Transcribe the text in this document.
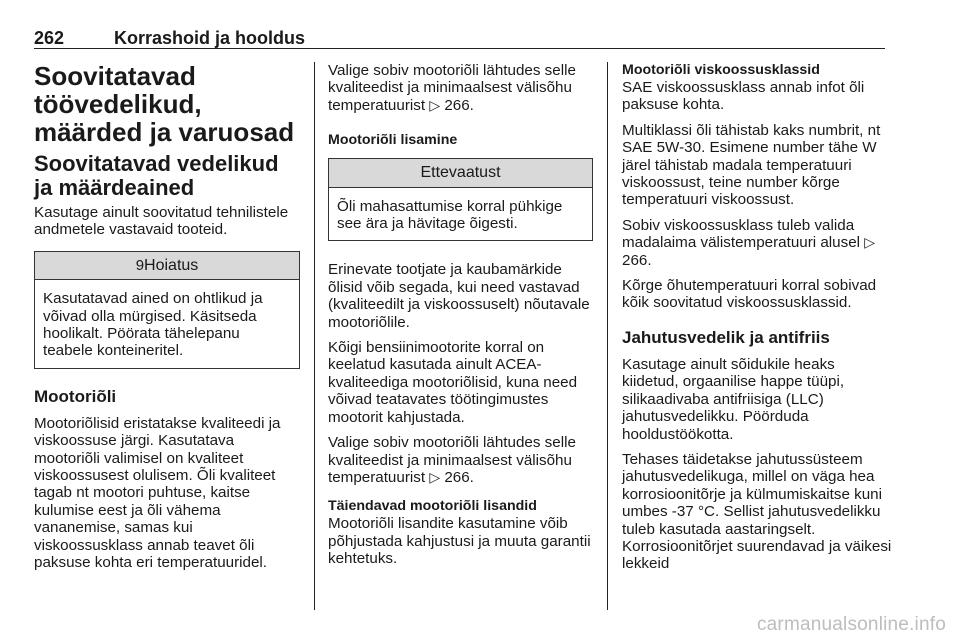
262	Korrashoid ja hooldus
Soovitatavad töövedelikud, määrded ja varuosad
Soovitatavad vedelikud ja määrdeained

Kasutage ainult soovitatud tehnilistele andmetele vastavaid tooteid.

9Hoiatus
Kasutatavad ained on ohtlikud ja võivad olla mürgised. Käsitseda hoolikalt. Pöörata tähelepanu teabele konteineritel.
Mootoriõli

Mootoriõlisid eristatakse kvaliteedi ja viskoossuse järgi. Kasutatava mootoriõli valimisel on kvaliteet viskoossusest olulisem. Õli kvaliteet tagab nt mootori puhtuse, kaitse kulumise eest ja õli vähema vananemise, samas kui viskoossusklass annab teavet õli paksuse kohta eri temperatuuridel.

Valige sobiv mootoriõli lähtudes selle kvaliteedist ja minimaalsest välisõhu temperatuurist ▷ 266.

Mootoriõli lisamine
Ettevaatust
Õli mahasattumise korral pühkige see ära ja hävitage õigesti.

Erinevate tootjate ja kaubamärkide õlisid võib segada, kui need vastavad (kvaliteedilt ja viskoossuselt) nõutavale mootoriõlile.

Kõigi bensiinimootorite korral on keelatud kasutada ainult ACEA-kvaliteediga mootoriõlisid, kuna need võivad teatavates töötingimustes mootorit kahjustada.

Valige sobiv mootoriõli lähtudes selle kvaliteedist ja minimaalsest välisõhu temperatuurist ▷ 266.

Täiendavad mootoriõli lisandid

Mootoriõli lisandite kasutamine võib põhjustada kahjustusi ja muuta garantii kehtetuks.

Mootoriõli viskoossusklassid

SAE viskoossusklass annab infot õli paksuse kohta.

Multiklassi õli tähistab kaks numbrit, nt SAE 5W-30. Esimene number tähe W järel tähistab madala temperatuuri viskoossust, teine number kõrge temperatuuri viskoossust.

Sobiv viskoossusklass tuleb valida madalaima välistemperatuuri alusel ▷ 266.

Kõrge õhutemperatuuri korral sobivad kõik soovitatud viskoossusklassid.

Jahutusvedelik ja antifriis

Kasutage ainult sõidukile heaks kiidetud, orgaanilise happe tüüpi, silikaadivaba antifriisiga (LLC) jahutusvedelikku. Pöörduda hooldustöökotta.

Tehases täidetakse jahutussüsteem jahutusvedelikuga, millel on väga hea korrosioonitõrje ja külmumiskaitse kuni umbes -37 °C. Sellist jahutusvedelikku tuleb kasutada aastaringselt. Korrosioonitõrjet suurendavad ja väikesi lekkeid

carmanualsonline.info
